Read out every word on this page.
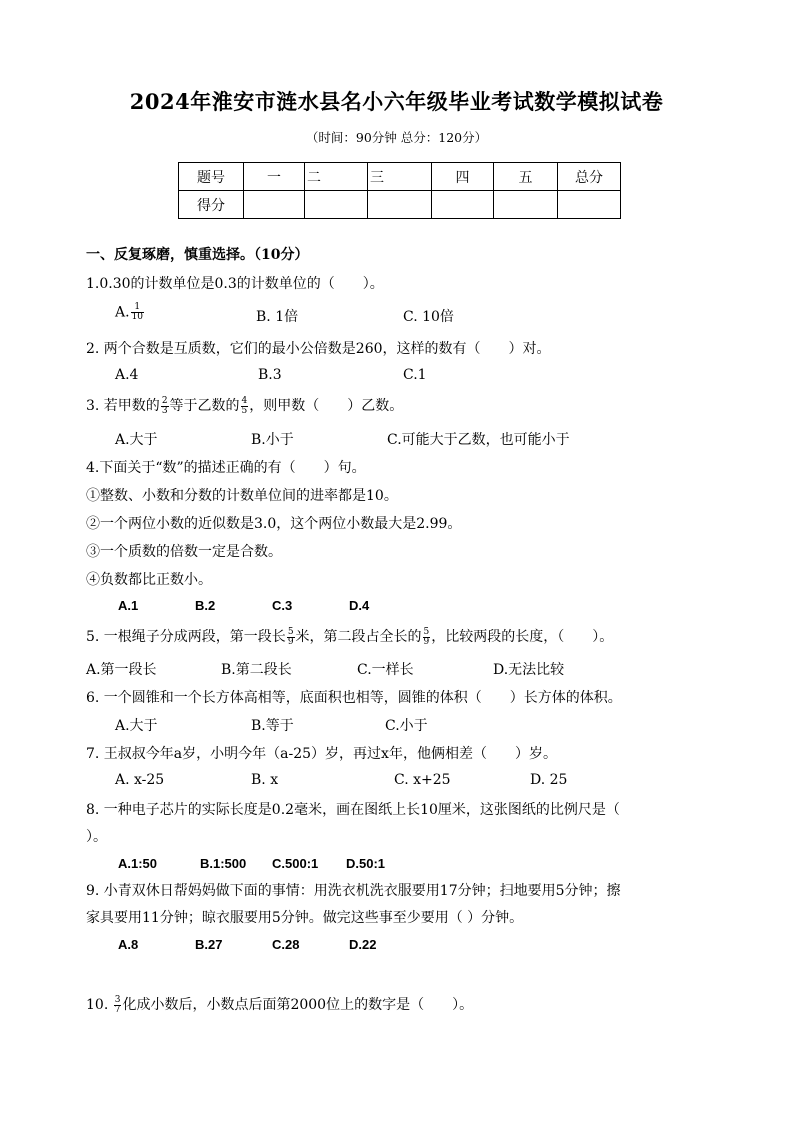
2024年淮安市涟水县名小六年级毕业考试数学模拟试卷
（时间：90分钟 总分：120分）
题号	一	二	三	四	五	总分
得分						
一、反复琢磨，慎重选择。（10分）
1.0.30的计数单位是0.3的计数单位的（　　）。
A. $\frac{1}{10}$	B. 1倍	C. 10倍
2. 两个合数是互质数，它们的最小公倍数是260，这样的数有（　　）对。
A.4	B.3	C.1
3. 若甲数的 $\frac{2}{3}$ 等于乙数的 $\frac{4}{5}$ ，则甲数（　　）乙数。
A.大于	B.小于	C.可能大于乙数，也可能小于
4.下面关于“数”的描述正确的有（　　）句。
①整数、小数和分数的计数单位间的进率都是10。
②一个两位小数的近似数是3.0，这个两位小数最大是2.99。
③一个质数的倍数一定是合数。
④负数都比正数小。
A.1	B.2	C.3	D.4
5. 一根绳子分成两段，第一段长 $\frac{5}{9}$ 米，第二段占全长的 $\frac{5}{9}$ ，比较两段的长度，（　　）。
A.第一段长	B.第二段长	C.一样长	D.无法比较
6. 一个圆锥和一个长方体高相等，底面积也相等，圆锥的体积（　　）长方体的体积。
A.大于	B.等于	C.小于
7. 王叔叔今年a岁，小明今年（a-25）岁，再过x年，他俩相差（　　）岁。
A. x-25	B. x	C. x+25	D. 25
8. 一种电子芯片的实际长度是0.2毫米，画在图纸上长10厘米，这张图纸的比例尺是（
）。
A.1:50	B.1:500 C.500:1 D.50:1
9. 小青双休日帮妈妈做下面的事情：用洗衣机洗衣服要用17分钟；扫地要用5分钟；擦
家具要用11分钟；晾衣服要用5分钟。做完这些事至少要用（ ）分钟。
A.8	B.27	C.28	D.22
10. $\frac{3}{7}$ 化成小数后，小数点后面第2000位上的数字是（　　）。
